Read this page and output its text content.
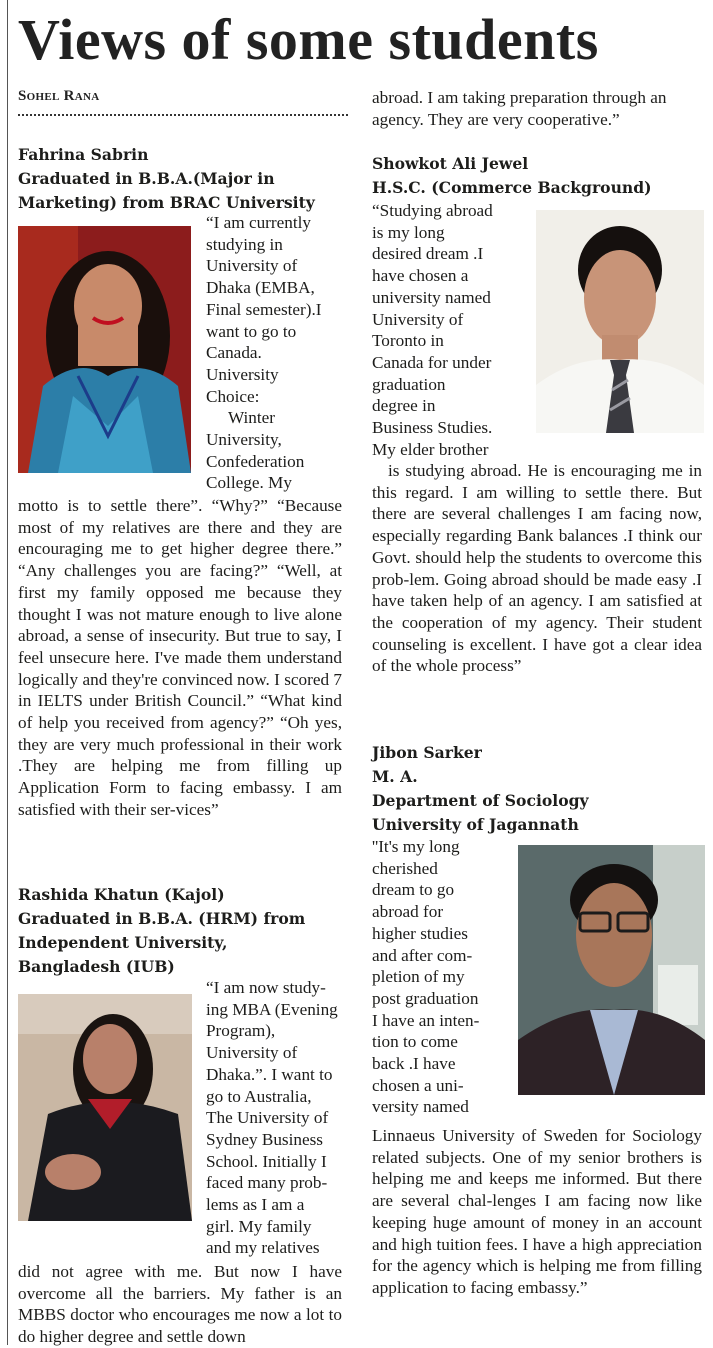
Views of some students
Sohel Rana
Fahrina Sabrin
Graduated in B.B.A.(Major in
Marketing) from BRAC University
“I am currently
studying in
University of
Dhaka (EMBA,
Final semester).I
want to go to
Canada.
University
Choice:
Winter
University,
Confederation
College. My

motto is to settle there”. “Why?” “Because most of my relatives are there and they are encouraging me to get higher degree there.” “Any challenges you are facing?” “Well, at first my family opposed me because they thought I was not mature enough to live alone abroad, a sense of insecurity. But true to say, I feel unsecure here. I've made them understand logically and they're convinced now. I scored 7 in IELTS under British Council.” “What kind of help you received from agency?” “Oh yes, they are very much professional in their work .They are helping me from filling up Application Form to facing embassy. I am satisfied with their ser-vices”

Rashida Khatun (Kajol)
Graduated in B.B.A. (HRM) from
Independent University,
Bangladesh (IUB)
“I am now study-
ing MBA (Evening
Program),
University of
Dhaka.”. I want to
go to Australia,
The University of
Sydney Business
School. Initially I
faced many prob-
lems as I am a
girl. My family
and my relatives

did not agree with me. But now I have overcome all the barriers. My father is an MBBS doctor who encourages me now a lot to do higher degree and settle down

abroad. I am taking preparation through an agency. They are very cooperative.”

Showkot Ali Jewel
H.S.C. (Commerce Background)
“Studying abroad
is my long
desired dream .I
have chosen a
university named
University of
Toronto in
Canada for under
graduation
degree in
Business Studies.
My elder brother

is studying abroad. He is encouraging me in this regard. I am willing to settle there. But there are several challenges I am facing now, especially regarding Bank balances .I think our Govt. should help the students to overcome this prob-lem. Going abroad should be made easy .I have taken help of an agency. I am satisfied at the cooperation of my agency. Their student counseling is excellent. I have got a clear idea of the whole process”

Jibon Sarker
M. A.
Department of Sociology
University of Jagannath
''It's my long
cherished
dream to go
abroad for
higher studies
and after com-
pletion of my
post graduation
I have an inten-
tion to come
back .I have
chosen a uni-
versity named

Linnaeus University of Sweden for Sociology related subjects. One of my senior brothers is helping me and keeps me informed. But there are several chal-lenges I am facing now like keeping huge amount of money in an account and high tuition fees. I have a high appreciation for the agency which is helping me from filling application to facing embassy.”
